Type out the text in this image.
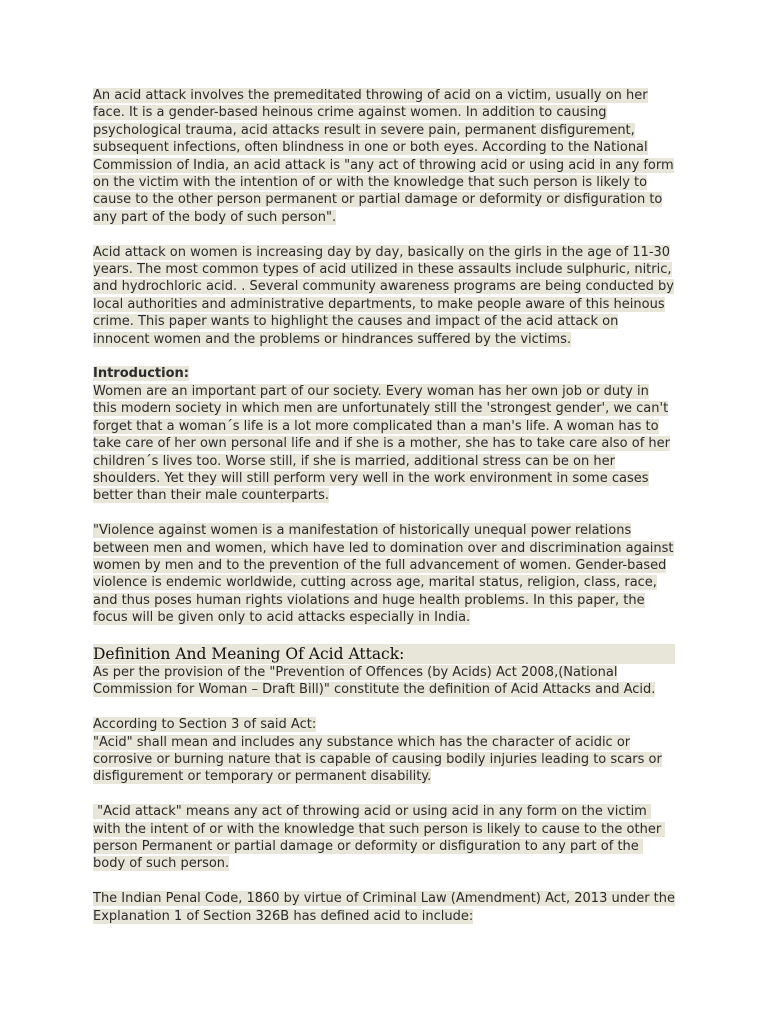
An acid attack involves the premeditated throwing of acid on a victim, usually on her face. It is a gender-based heinous crime against women. In addition to causing psychological trauma, acid attacks result in severe pain, permanent disfigurement, subsequent infections, often blindness in one or both eyes. According to the National Commission of India, an acid attack is "any act of throwing acid or using acid in any form on the victim with the intention of or with the knowledge that such person is likely to cause to the other person permanent or partial damage or deformity or disfiguration to any part of the body of such person".

Acid attack on women is increasing day by day, basically on the girls in the age of 11-30 years. The most common types of acid utilized in these assaults include sulphuric, nitric, and hydrochloric acid. . Several community awareness programs are being conducted by local authorities and administrative departments, to make people aware of this heinous crime. This paper wants to highlight the causes and impact of the acid attack on innocent women and the problems or hindrances suffered by the victims.

Introduction:
Women are an important part of our society. Every woman has her own job or duty in this modern society in which men are unfortunately still the 'strongest gender', we can't forget that a woman´s life is a lot more complicated than a man's life. A woman has to take care of her own personal life and if she is a mother, she has to take care also of her children´s lives too. Worse still, if she is married, additional stress can be on her shoulders. Yet they will still perform very well in the work environment in some cases better than their male counterparts.

"Violence against women is a manifestation of historically unequal power relations between men and women, which have led to domination over and discrimination against women by men and to the prevention of the full advancement of women. Gender-based violence is endemic worldwide, cutting across age, marital status, religion, class, race, and thus poses human rights violations and huge health problems. In this paper, the focus will be given only to acid attacks especially in India.

Definition And Meaning Of Acid Attack:

As per the provision of the "Prevention of Offences (by Acids) Act 2008,(National Commission for Woman – Draft Bill)" constitute the definition of Acid Attacks and Acid.

According to Section 3 of said Act:
"Acid" shall mean and includes any substance which has the character of acidic or corrosive or burning nature that is capable of causing bodily injuries leading to scars or disfigurement or temporary or permanent disability.

"Acid attack" means any act of throwing acid or using acid in any form on the victim with the intent of or with the knowledge that such person is likely to cause to the other person Permanent or partial damage or deformity or disfiguration to any part of the body of such person.

The Indian Penal Code, 1860 by virtue of Criminal Law (Amendment) Act, 2013 under the Explanation 1 of Section 326B has defined acid to include:
